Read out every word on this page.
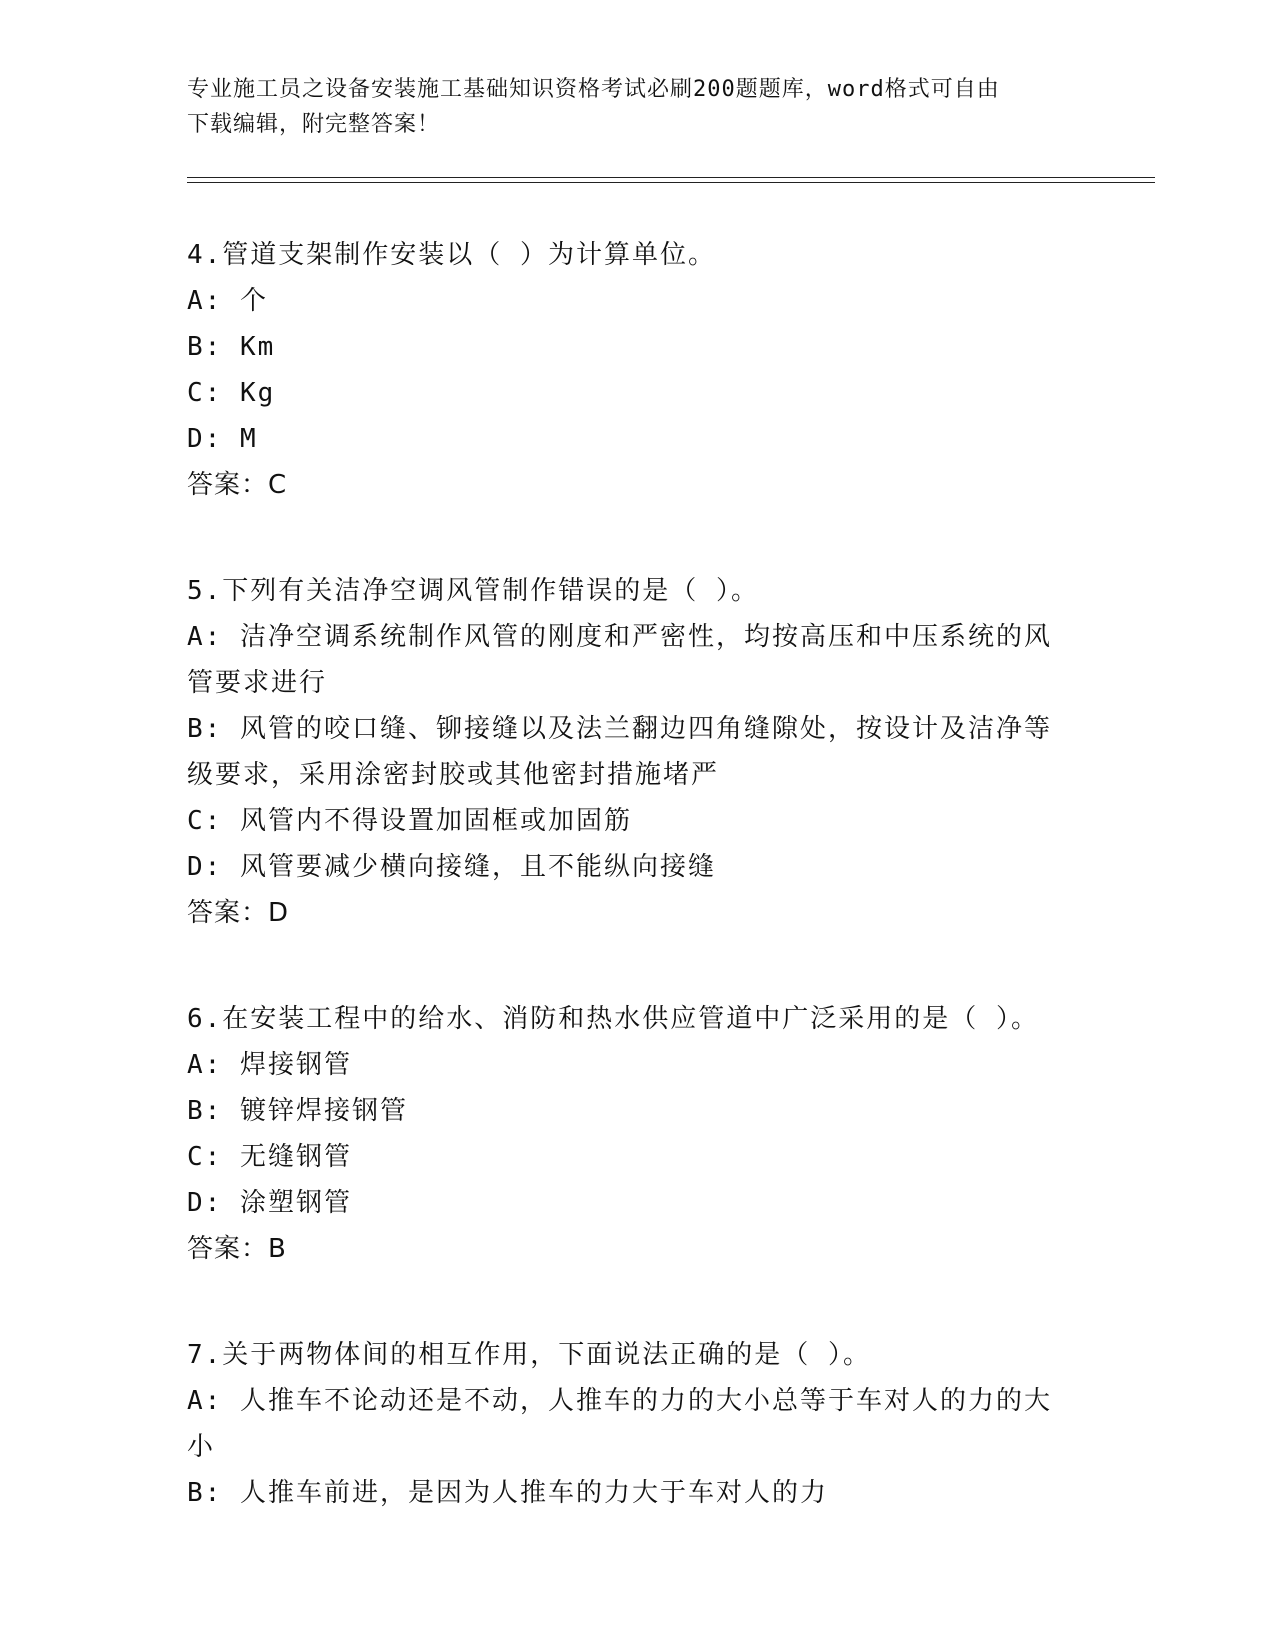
专业施工员之设备安装施工基础知识资格考试必刷200题题库，word格式可自由
下载编辑，附完整答案！

4.管道支架制作安装以（ ）为计算单位。

A: 个

B: Km

C: Kg

D: M

答案：C

5.下列有关洁净空调风管制作错误的是（ ）。

A: 洁净空调系统制作风管的刚度和严密性，均按高压和中压系统的风管要求进行

B: 风管的咬口缝、铆接缝以及法兰翻边四角缝隙处，按设计及洁净等级要求，采用涂密封胶或其他密封措施堵严

C: 风管内不得设置加固框或加固筋

D: 风管要减少横向接缝，且不能纵向接缝

答案：D

6.在安装工程中的给水、消防和热水供应管道中广泛采用的是（ ）。

A: 焊接钢管

B: 镀锌焊接钢管

C: 无缝钢管

D: 涂塑钢管

答案：B

7.关于两物体间的相互作用，下面说法正确的是（ ）。

A: 人推车不论动还是不动，人推车的力的大小总等于车对人的力的大小

B: 人推车前进，是因为人推车的力大于车对人的力
